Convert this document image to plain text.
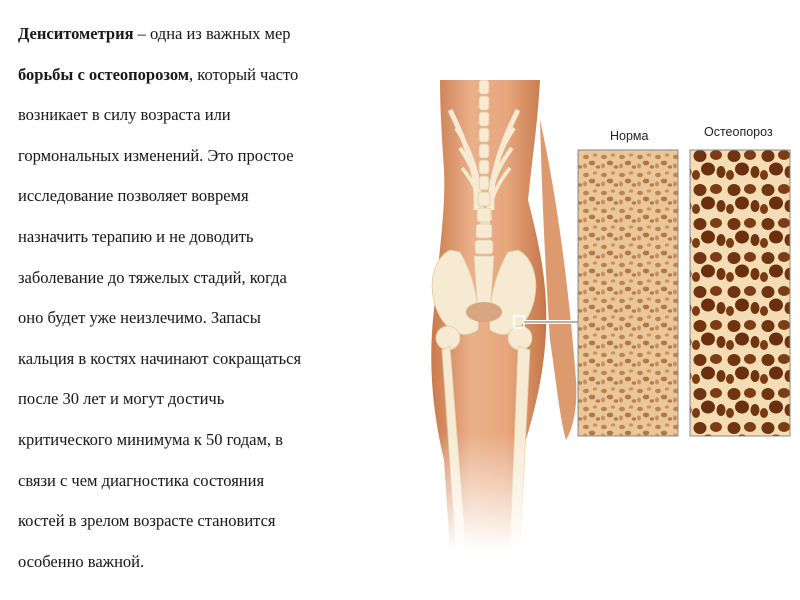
Денситометрия – одна из важных мер
борьбы с остеопорозом, который часто
возникает в силу возраста или
гормональных изменений. Это простое
исследование позволяет вовремя
назначить терапию и не доводить
заболевание до тяжелых стадий, когда
оно будет уже неизлечимо. Запасы
кальция в костях начинают сокращаться
после 30 лет и могут достичь
критического минимума к 50 годам, в
связи с чем диагностика состояния
костей в зрелом возрасте становится
особенно важной.
Норма	Остеопороз
